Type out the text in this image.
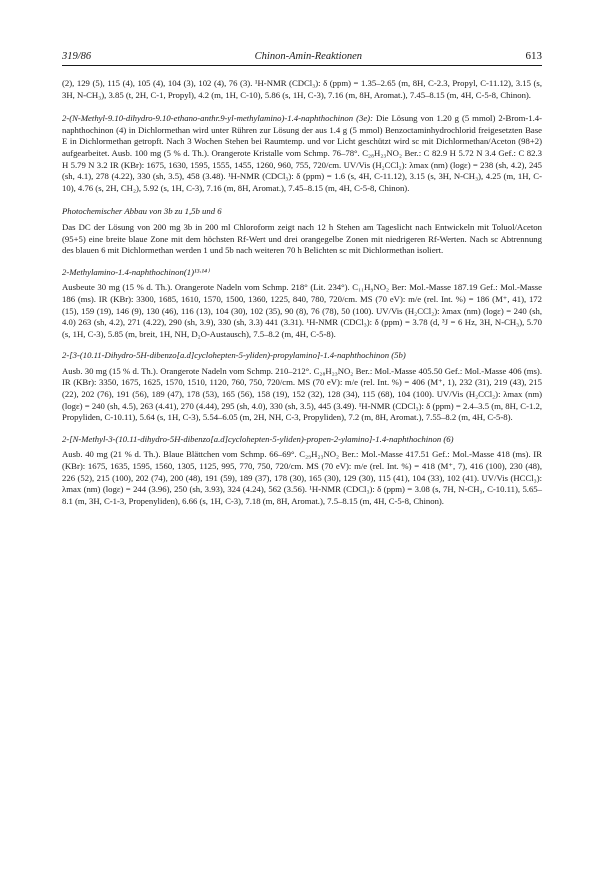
319/86	Chinon-Amin-Reaktionen	613

(2), 129 (5), 115 (4), 105 (4), 104 (3), 102 (4), 76 (3). ¹H-NMR (CDCl₃): δ (ppm) = 1.35–2.65 (m, 8H, C-2.3, Propyl, C-11.12), 3.15 (s, 3H, N-CH₃), 3.85 (t, 2H, C-1, Propyl), 4.2 (m, 1H, C-10), 5.86 (s, 1H, C-3), 7.16 (m, 8H, Aromat.), 7.45–8.15 (m, 4H, C-5-8, Chinon).

2-(N-Methyl-9.10-dihydro-9.10-ethano-anthr.9-yl-methylamino)-1.4-naphthochinon (3e): Die Lösung von 1.20 g (5 mmol) 2-Brom-1.4-naphthochinon (4) in Dichlormethan wird unter Rühren zur Lösung der aus 1.4 g (5 mmol) Benzoctaminhydrochlorid freigesetzten Base E in Dichlormethan getropft. Nach 3 Wochen Stehen bei Raumtemp. und vor Licht geschützt wird sc mit Dichlormethan/Aceton (98+2) aufgearbeitet. Ausb. 100 mg (5 % d. Th.). Orangerote Kristalle vom Schmp. 76–78°. C₂₈H₂₃NO₂ Ber.: C 82.9 H 5.72 N 3.4 Gef.: C 82.3 H 5.79 N 3.2 IR (KBr): 1675, 1630, 1595, 1555, 1455, 1260, 960, 755, 720/cm. UV/Vis (H₂CCl₂): λmax (nm) (logε) = 238 (sh, 4.2), 245 (sh, 4.1), 278 (4.22), 330 (sh, 3.5), 458 (3.48). ¹H-NMR (CDCl₃): δ (ppm) = 1.6 (s, 4H, C-11.12), 3.15 (s, 3H, N-CH₃), 4.25 (m, 1H, C-10), 4.76 (s, 2H, CH₂), 5.92 (s, 1H, C-3), 7.16 (m, 8H, Aromat.), 7.45–8.15 (m, 4H, C-5-8, Chinon).

Photochemischer Abbau von 3b zu 1,5b und 6

Das DC der Lösung von 200 mg 3b in 200 ml Chloroform zeigt nach 12 h Stehen am Tageslicht nach Entwickeln mit Toluol/Aceton (95+5) eine breite blaue Zone mit dem höchsten Rf-Wert und drei orangegelbe Zonen mit niedrigeren Rf-Werten. Nach sc Abtrennung des blauen 6 mit Dichlormethan werden 1 und 5b nach weiteren 70 h Belichten sc mit Dichlormethan isoliert.

2-Methylamino-1.4-naphthochinon(1)¹³·¹⁴⁾

Ausbeute 30 mg (15 % d. Th.). Orangerote Nadeln vom Schmp. 218° (Lit. 234°). C₁₁H₉NO₂ Ber: Mol.-Masse 187.19 Gef.: Mol.-Masse 186 (ms). IR (KBr): 3300, 1685, 1610, 1570, 1500, 1360, 1225, 840, 780, 720/cm. MS (70 eV): m/e (rel. Int. %) = 186 (M⁺, 41), 172 (15), 159 (19), 146 (9), 130 (46), 116 (13), 104 (30), 102 (35), 90 (8), 76 (78), 50 (100). UV/Vis (H₂CCl₂): λmax (nm) (logε) = 240 (sh, 4.0) 263 (sh, 4.2), 271 (4.22), 290 (sh, 3.9), 330 (sh, 3.3) 441 (3.31). ¹H-NMR (CDCl₃): δ (ppm) = 3.78 (d, ³J = 6 Hz, 3H, N-CH₃), 5.70 (s, 1H, C-3), 5.85 (m, breit, 1H, NH, D₂O-Austausch), 7.5–8.2 (m, 4H, C-5-8).

2-[3-(10.11-Dihydro-5H-dibenzo[a.d]cyclohepten-5-yliden)-propylamino]-1.4-naphthochinon (5b)

Ausb. 30 mg (15 % d. Th.). Orangerote Nadeln vom Schmp. 210–212°. C₂₈H₂₃NO₂ Ber.: Mol.-Masse 405.50 Gef.: Mol.-Masse 406 (ms). IR (KBr): 3350, 1675, 1625, 1570, 1510, 1120, 760, 750, 720/cm. MS (70 eV): m/e (rel. Int. %) = 406 (M⁺, 1), 232 (31), 219 (43), 215 (22), 202 (76), 191 (56), 189 (47), 178 (53), 165 (56), 158 (19), 152 (32), 128 (34), 115 (68), 104 (100). UV/Vis (H₂CCl₂): λmax (nm) (logε) = 240 (sh, 4.5), 263 (4.41), 270 (4.44), 295 (sh, 4.0), 330 (sh, 3.5), 445 (3.49). ¹H-NMR (CDCl₃): δ (ppm) = 2.4–3.5 (m, 8H, C-1.2, Propyliden, C-10.11), 5.64 (s, 1H, C-3), 5.54–6.05 (m, 2H, NH, C-3, Propyliden), 7.2 (m, 8H, Aromat.), 7.55–8.2 (m, 4H, C-5-8).

2-[N-Methyl-3-(10.11-dihydro-5H-dibenzo[a.d]cyclohepten-5-yliden)-propen-2-ylamino]-1.4-naphthochinon (6)

Ausb. 40 mg (21 % d. Th.). Blaue Blättchen vom Schmp. 66–69°. C₂₉H₂₃NO₂ Ber.: Mol.-Masse 417.51 Gef.: Mol.-Masse 418 (ms). IR (KBr): 1675, 1635, 1595, 1560, 1305, 1125, 995, 770, 750, 720/cm. MS (70 eV): m/e (rel. Int. %) = 418 (M⁺, 7), 416 (100), 230 (48), 226 (52), 215 (100), 202 (74), 200 (48), 191 (59), 189 (37), 178 (30), 165 (30), 129 (30), 115 (41), 104 (33), 102 (41). UV/Vis (HCCl₃): λmax (nm) (logε) = 244 (3.96), 250 (sh, 3.93), 324 (4.24), 562 (3.56). ¹H-NMR (CDCl₃): δ (ppm) = 3.08 (s, 7H, N-CH₃, C-10.11), 5.65–8.1 (m, 3H, C-1-3, Propenyliden), 6.66 (s, 1H, C-3), 7.18 (m, 8H, Aromat.), 7.5–8.15 (m, 4H, C-5-8, Chinon).
